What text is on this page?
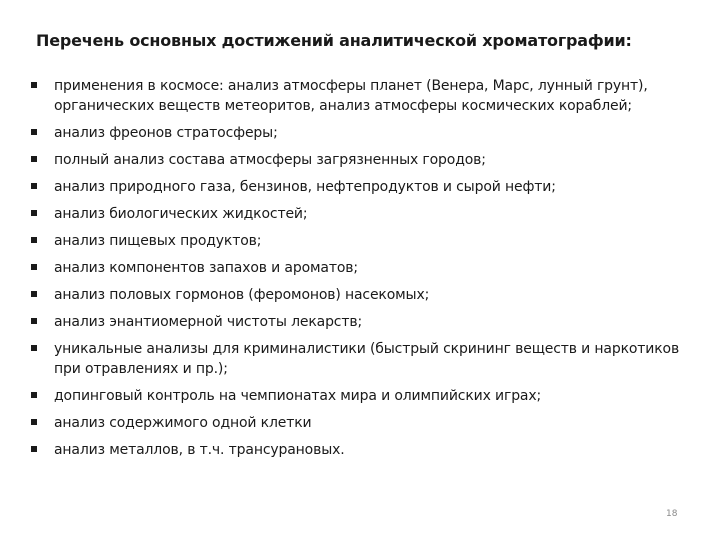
Перечень основных достижений аналитической хроматографии:
применения в космосе: анализ атмосферы планет (Венера, Марс, лунный грунт), органических веществ метеоритов, анализ атмосферы космических кораблей;
анализ фреонов стратосферы;
полный анализ состава атмосферы загрязненных городов;
анализ природного газа, бензинов, нефтепродуктов и сырой нефти;
анализ биологических жидкостей;
анализ пищевых продуктов;
анализ компонентов запахов и ароматов;
анализ половых гормонов (феромонов) насекомых;
анализ энантиомерной чистоты лекарств;
уникальные анализы для криминалистики (быстрый скрининг веществ и наркотиков при отравлениях и пр.);
допинговый контроль на чемпионатах мира и олимпийских играх;
анализ содержимого одной клетки
анализ металлов, в т.ч. трансурановых.
18
